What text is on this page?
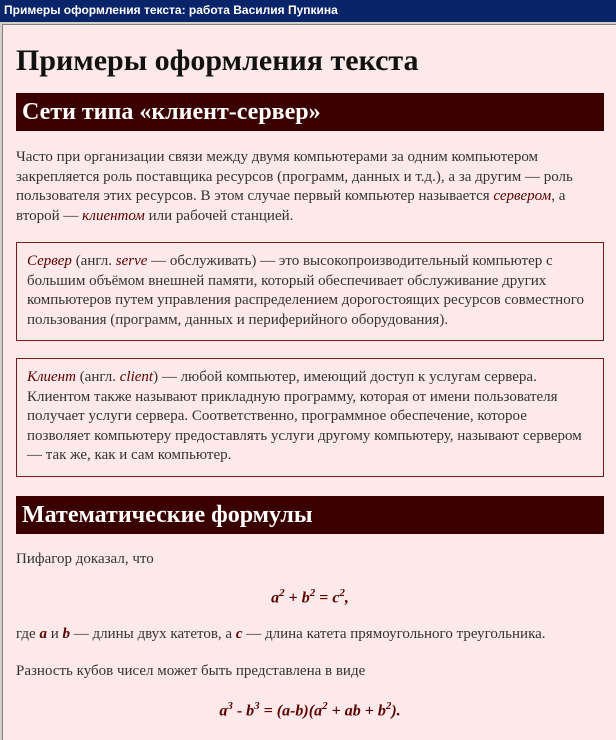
Примеры оформления текста: работа Василия Пупкина
Примеры оформления текста
Сети типа «клиент-сервер»

Часто при организации связи между двумя компьютерами за одним компьютером закрепляется роль поставщика ресурсов (программ, данных и т.д.), а за другим — роль пользователя этих ресурсов. В этом случае первый компьютер называется сервером, а второй — клиентом или рабочей станцией.

Сервер (англ. serve — обслуживать) — это высокопроизводительный компьютер с большим объёмом внешней памяти, который обеспечивает обслуживание других компьютеров путем управления распределением дорогостоящих ресурсов совместного пользования (программ, данных и периферийного оборудования).
Клиент (англ. client) — любой компьютер, имеющий доступ к услугам сервера. Клиентом также называют прикладную программу, которая от имени пользователя получает услуги сервера. Соответственно, программное обеспечение, которое позволяет компьютеру предоставлять услуги другому компьютеру, называют сервером — так же, как и сам компьютер.
Математические формулы

Пифагор доказал, что

$a^2 + b^2 = c^2$,

где a и b — длины двух катетов, а c — длина катета прямоугольного треугольника.

Разность кубов чисел может быть представлена в виде

$a^3 - b^3 = (a-b)(a^2$ + ab + $b^2$).
